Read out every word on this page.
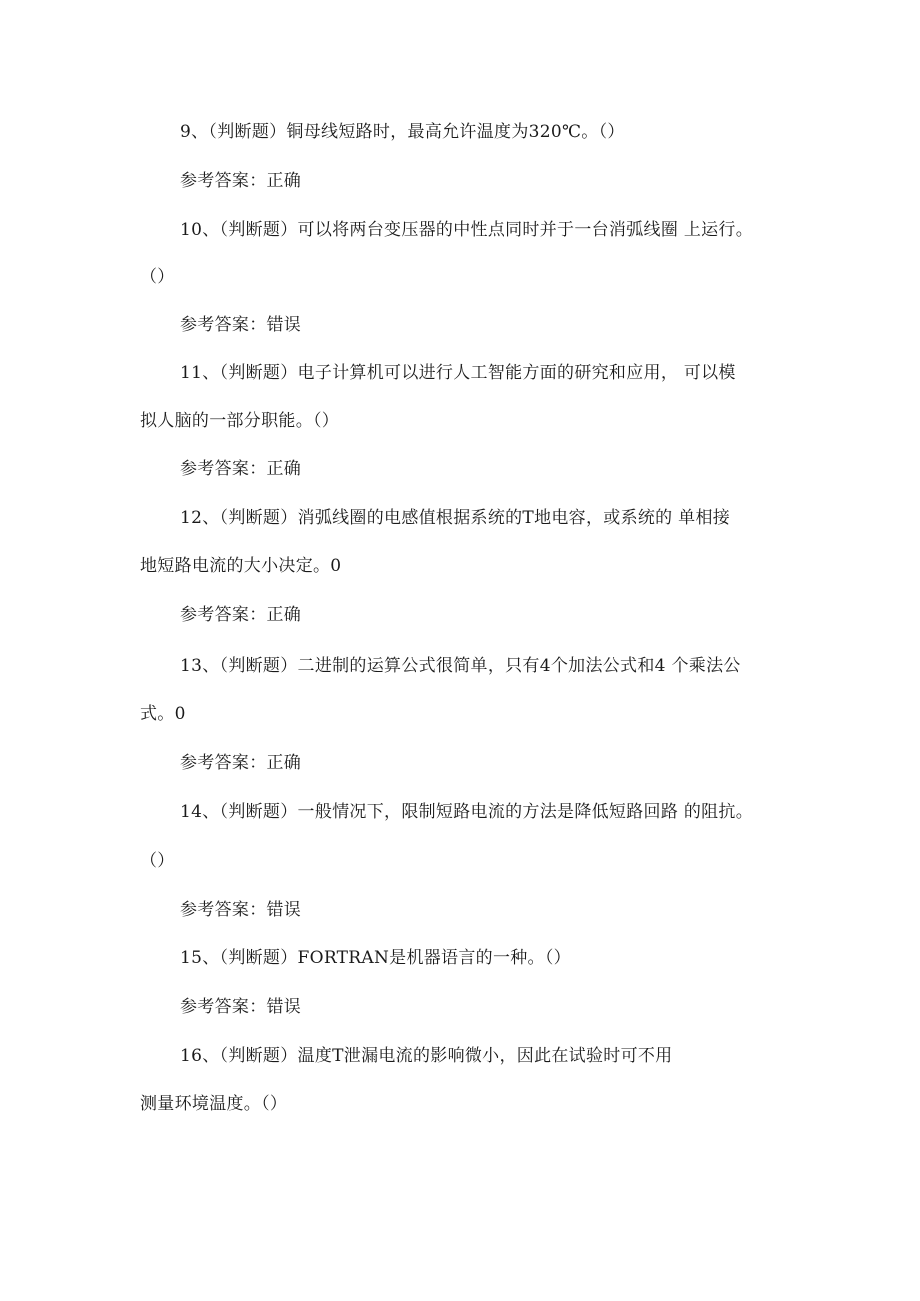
9、（判断题）铜母线短路时，最高允许温度为320℃。（）
参考答案：正确
10、（判断题）可以将两台变压器的中性点同时并于一台消弧线圈 上运行。
（）
参考答案：错误
11、（判断题）电子计算机可以进行人工智能方面的研究和应用， 可以模
拟人脑的一部分职能。（）
参考答案：正确
12、（判断题）消弧线圈的电感值根据系统的T地电容，或系统的 单相接
地短路电流的大小决定。0
参考答案：正确
13、（判断题）二进制的运算公式很简单，只有4个加法公式和4 个乘法公
式。0
参考答案：正确
14、（判断题）一般情况下，限制短路电流的方法是降低短路回路 的阻抗。
（）
参考答案：错误
15、（判断题）FORTRAN是机器语言的一种。（）
参考答案：错误
16、（判断题）温度T泄漏电流的影响微小，因此在试验时可不用
测量环境温度。（）
